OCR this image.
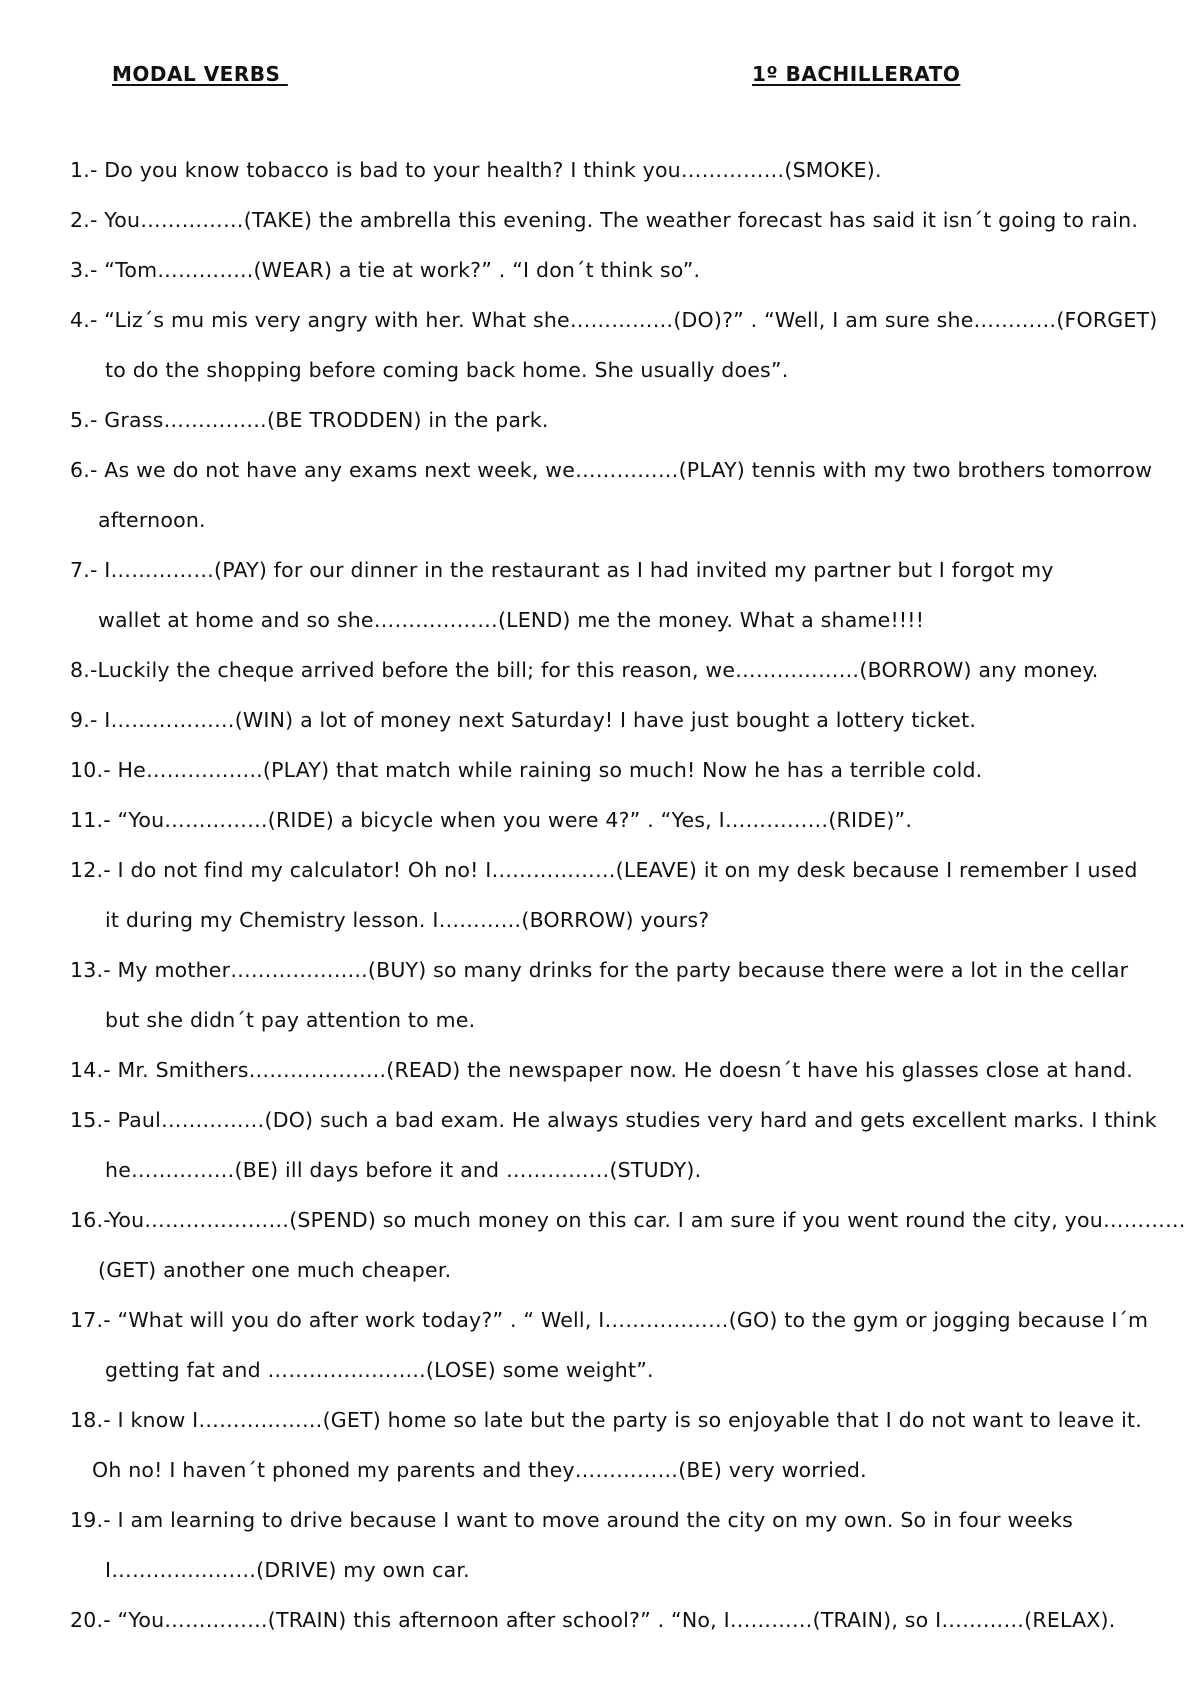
MODAL VERBS	1º BACHILLERATO
1.- Do you know tobacco is bad to your health? I think you……………(SMOKE).
2.- You……………(TAKE) the ambrella this evening. The weather forecast has said it isn´t going to rain.
3.- “Tom…………..(WEAR) a tie at work?” . “I don´t think so”.
4.- “Liz´s mu mis very angry with her. What she……………(DO)?” . “Well, I am sure she…………(FORGET)
to do the shopping before coming back home. She usually does”.
5.- Grass……………(BE TRODDEN) in the park.
6.- As we do not have any exams next week, we……………(PLAY) tennis with my two brothers tomorrow
afternoon.
7.- I……………(PAY) for our dinner in the restaurant as I had invited my partner but I forgot my
wallet at home and so she………………(LEND) me the money. What a shame!!!!
8.-Luckily the cheque arrived before the bill; for this reason, we………………(BORROW) any money.
9.- I………………(WIN) a lot of money next Saturday! I have just bought a lottery ticket.
10.- He……………..(PLAY) that match while raining so much! Now he has a terrible cold.
11.- “You……………(RIDE) a bicycle when you were 4?” . “Yes, I……………(RIDE)”.
12.- I do not find my calculator! Oh no! I………………(LEAVE) it on my desk because I remember I used
it during my Chemistry lesson. I…………(BORROW) yours?
13.- My mother………………..(BUY) so many drinks for the party because there were a lot in the cellar
but she didn´t pay attention to me.
14.- Mr. Smithers………………..(READ) the newspaper now. He doesn´t have his glasses close at hand.
15.- Paul……………(DO) such a bad exam. He always studies very hard and gets excellent marks. I think
he……………(BE) ill days before it and ……………(STUDY).
16.-You…………………(SPEND) so much money on this car. I am sure if you went round the city, you…………
(GET) another one much cheaper.
17.- “What will you do after work today?” . “ Well, I………………(GO) to the gym or jogging because I´m
getting fat and …………………..(LOSE) some weight”.
18.- I know I………………(GET) home so late but the party is so enjoyable that I do not want to leave it.
Oh no! I haven´t phoned my parents and they……………(BE) very worried.
19.- I am learning to drive because I want to move around the city on my own. So in four weeks
I…………………(DRIVE) my own car.
20.- “You……………(TRAIN) this afternoon after school?” . “No, I…………(TRAIN), so I…………(RELAX).
